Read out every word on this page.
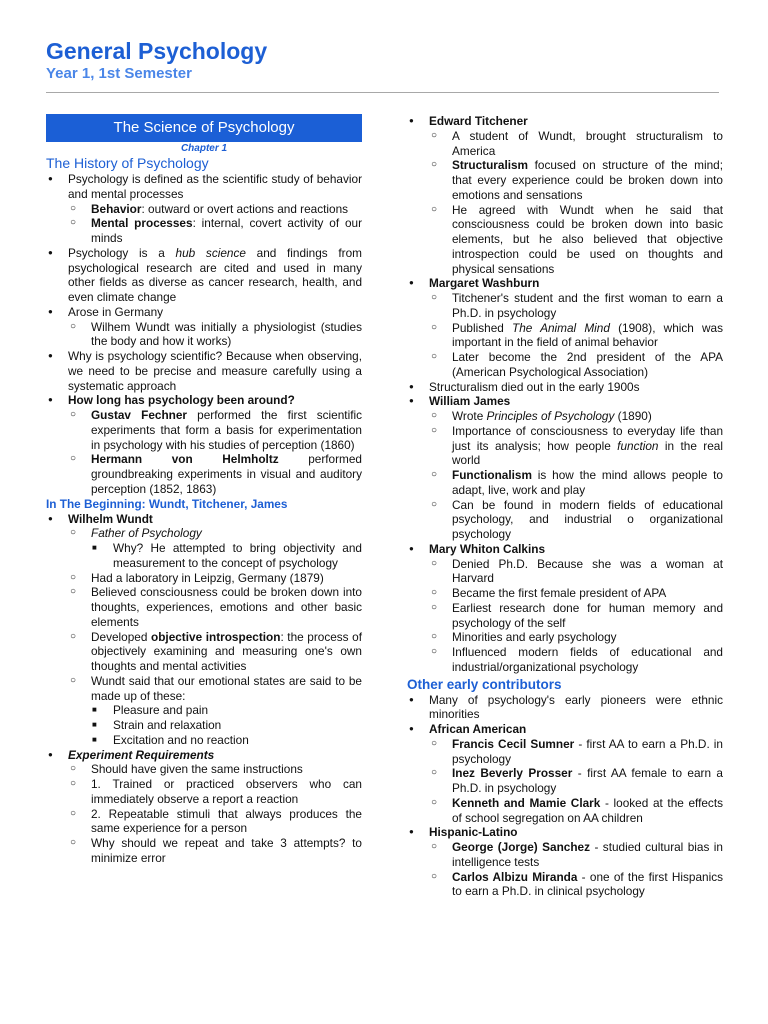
General Psychology
Year 1, 1st Semester
The Science of Psychology
Chapter 1
The History of Psychology
● Psychology is defined as the scientific study of behavior and mental processes
○ Behavior: outward or overt actions and reactions
○ Mental processes: internal, covert activity of our minds
● Psychology is a hub science and findings from psychological research are cited and used in many other fields as diverse as cancer research, health, and even climate change
● Arose in Germany
○ Wilhem Wundt was initially a physiologist (studies the body and how it works)
● Why is psychology scientific? Because when observing, we need to be precise and measure carefully using a systematic approach
● How long has psychology been around?
○ Gustav Fechner performed the first scientific experiments that form a basis for experimentation in psychology with his studies of perception (1860)
○ Hermann von Helmholtz performed groundbreaking experiments in visual and auditory perception (1852, 1863)
In The Beginning: Wundt, Titchener, James
● Wilhelm Wundt
○ Father of Psychology
■ Why? He attempted to bring objectivity and measurement to the concept of psychology
○ Had a laboratory in Leipzig, Germany (1879)
○ Believed consciousness could be broken down into thoughts, experiences, emotions and other basic elements
○ Developed objective introspection: the process of objectively examining and measuring one's own thoughts and mental activities
○ Wundt said that our emotional states are said to be made up of these:
■ Pleasure and pain
■ Strain and relaxation
■ Excitation and no reaction
● Experiment Requirements
○ Should have given the same instructions
○ 1. Trained or practiced observers who can immediately observe a report a reaction
○ 2. Repeatable stimuli that always produces the same experience for a person
○ Why should we repeat and take 3 attempts? to minimize error
● Edward Titchener
○ A student of Wundt, brought structuralism to America
○ Structuralism focused on structure of the mind; that every experience could be broken down into emotions and sensations
○ He agreed with Wundt when he said that consciousness could be broken down into basic elements, but he also believed that objective introspection could be used on thoughts and physical sensations
● Margaret Washburn
○ Titchener's student and the first woman to earn a Ph.D. in psychology
○ Published The Animal Mind (1908), which was important in the field of animal behavior
○ Later become the 2nd president of the APA (American Psychological Association)
● Structuralism died out in the early 1900s
● William James
○ Wrote Principles of Psychology (1890)
○ Importance of consciousness to everyday life than just its analysis; how people function in the real world
○ Functionalism is how the mind allows people to adapt, live, work and play
○ Can be found in modern fields of educational psychology, and industrial o organizational psychology
● Mary Whiton Calkins
○ Denied Ph.D. Because she was a woman at Harvard
○ Became the first female president of APA
○ Earliest research done for human memory and psychology of the self
○ Minorities and early psychology
○ Influenced modern fields of educational and industrial/organizational psychology
Other early contributors
● Many of psychology's early pioneers were ethnic minorities
● African American
○ Francis Cecil Sumner - first AA to earn a Ph.D. in psychology
○ Inez Beverly Prosser - first AA female to earn a Ph.D. in psychology
○ Kenneth and Mamie Clark - looked at the effects of school segregation on AA children
● Hispanic-Latino
○ George (Jorge) Sanchez - studied cultural bias in intelligence tests
○ Carlos Albizu Miranda - one of the first Hispanics to earn a Ph.D. in clinical psychology
